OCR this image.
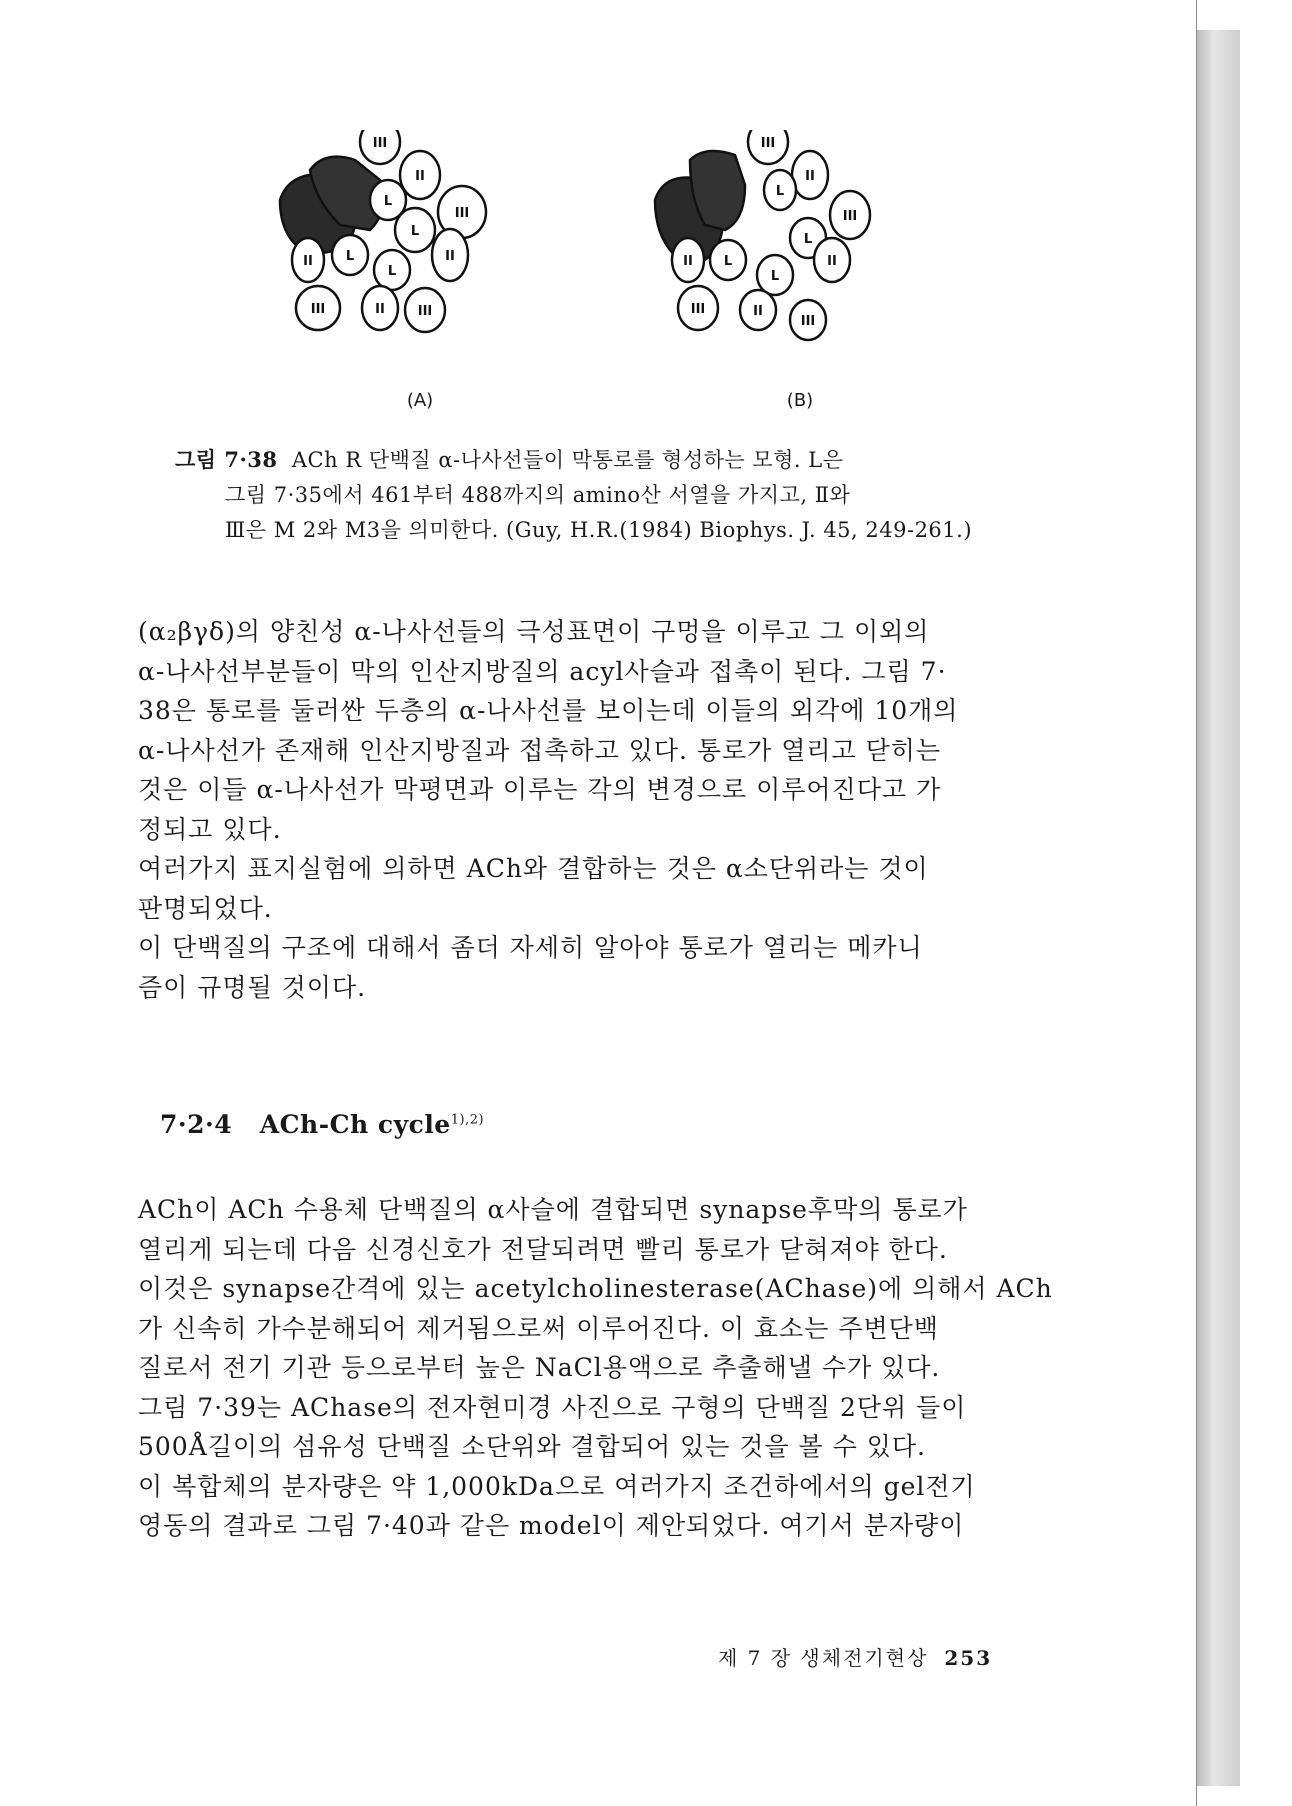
III
II
III
L
L
II
II	L
L
III	II	III
(A)
III
II
L
III
L
II
II L
L
III	II
III
(B)
그림 7·38 ACh R 단백질 α-나사선들이 막통로를 형성하는 모형. L은
그림 7·35에서 461부터 488까지의 amino산 서열을 가지고, Ⅱ와
Ⅲ은 M 2와 M3을 의미한다. (Guy, H.R.(1984) Biophys. J. 45, 249-261.)
(α₂βγδ)의 양친성 α-나사선들의 극성표면이 구멍을 이루고 그 이외의
α-나사선부분들이 막의 인산지방질의 acyl사슬과 접촉이 된다. 그림 7·
38은 통로를 둘러싼 두층의 α-나사선를 보이는데 이들의 외각에 10개의
α-나사선가 존재해 인산지방질과 접촉하고 있다. 통로가 열리고 닫히는
것은 이들 α-나사선가 막평면과 이루는 각의 변경으로 이루어진다고 가
정되고 있다.
여러가지 표지실험에 의하면 ACh와 결합하는 것은 α소단위라는 것이
판명되었다.
이 단백질의 구조에 대해서 좀더 자세히 알아야 통로가 열리는 메카니
즘이 규명될 것이다.
7·2·4 ACh-Ch cycle$^{1),2)}$
ACh이 ACh 수용체 단백질의 α사슬에 결합되면 synapse후막의 통로가
열리게 되는데 다음 신경신호가 전달되려면 빨리 통로가 닫혀져야 한다.
이것은 synapse간격에 있는 acetylcholinesterase(AChase)에 의해서 ACh
가 신속히 가수분해되어 제거됨으로써 이루어진다. 이 효소는 주변단백
질로서 전기 기관 등으로부터 높은 NaCl용액으로 추출해낼 수가 있다.
그림 7·39는 AChase의 전자현미경 사진으로 구형의 단백질 2단위 들이
500Å길이의 섬유성 단백질 소단위와 결합되어 있는 것을 볼 수 있다.
이 복합체의 분자량은 약 1,000kDa으로 여러가지 조건하에서의 gel전기
영동의 결과로 그림 7·40과 같은 model이 제안되었다. 여기서 분자량이
제 7 장 생체전기현상 253
